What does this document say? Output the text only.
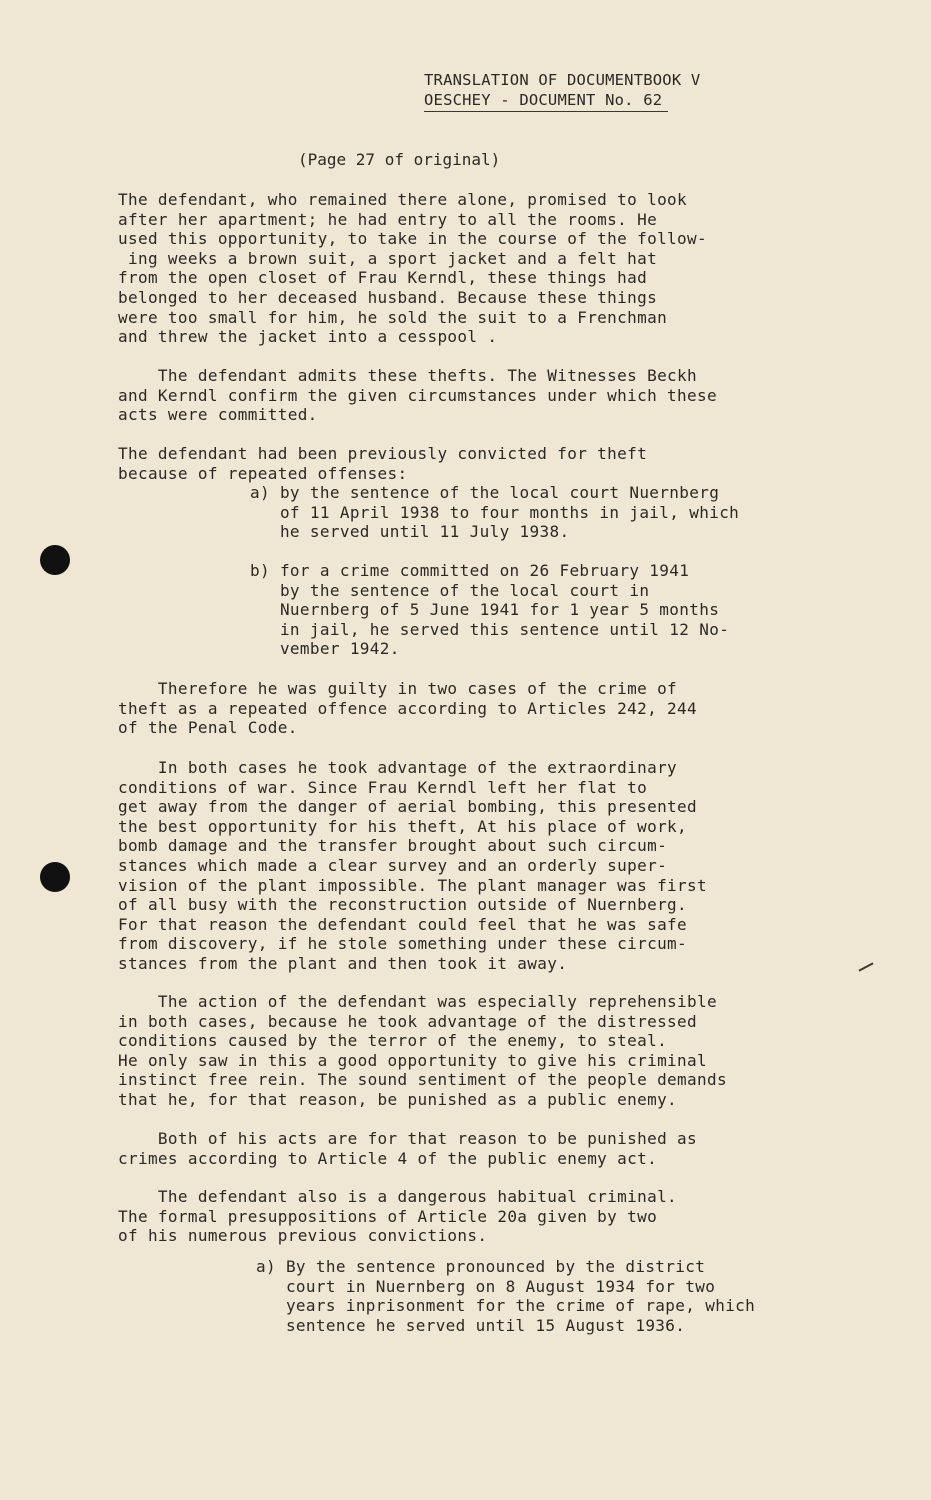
TRANSLATION OF DOCUMENTBOOK V
OESCHEY - DOCUMENT No. 62
(Page 27 of original)
The defendant, who remained there alone, promised to look
after her apartment; he had entry to all the rooms. He
used this opportunity, to take in the course of the follow-
ing weeks a brown suit, a sport jacket and a felt hat
from the open closet of Frau Kerndl, these things had
belonged to her deceased husband. Because these things
were too small for him, he sold the suit to a Frenchman
and threw the jacket into a cesspool .
The defendant admits these thefts. The Witnesses Beckh
and Kerndl confirm the given circumstances under which these
acts were committed.
The defendant had been previously convicted for theft
because of repeated offenses:
a) by the sentence of the local court Nuernberg
of 11 April 1938 to four months in jail, which
he served until 11 July 1938.
b) for a crime committed on 26 February 1941
by the sentence of the local court in
Nuernberg of 5 June 1941 for 1 year 5 months
in jail, he served this sentence until 12 No-
vember 1942.
Therefore he was guilty in two cases of the crime of
theft as a repeated offence according to Articles 242, 244
of the Penal Code.
In both cases he took advantage of the extraordinary
conditions of war. Since Frau Kerndl left her flat to
get away from the danger of aerial bombing, this presented
the best opportunity for his theft, At his place of work,
bomb damage and the transfer brought about such circum-
stances which made a clear survey and an orderly super-
vision of the plant impossible. The plant manager was first
of all busy with the reconstruction outside of Nuernberg.
For that reason the defendant could feel that he was safe
from discovery, if he stole something under these circum-
stances from the plant and then took it away.
The action of the defendant was especially reprehensible
in both cases, because he took advantage of the distressed
conditions caused by the terror of the enemy, to steal.
He only saw in this a good opportunity to give his criminal
instinct free rein. The sound sentiment of the people demands
that he, for that reason, be punished as a public enemy.
Both of his acts are for that reason to be punished as
crimes according to Article 4 of the public enemy act.
The defendant also is a dangerous habitual criminal.
The formal presuppositions of Article 20a given by two
of his numerous previous convictions.
a) By the sentence pronounced by the district
court in Nuernberg on 8 August 1934 for two
years inprisonment for the crime of rape, which
sentence he served until 15 August 1936.
